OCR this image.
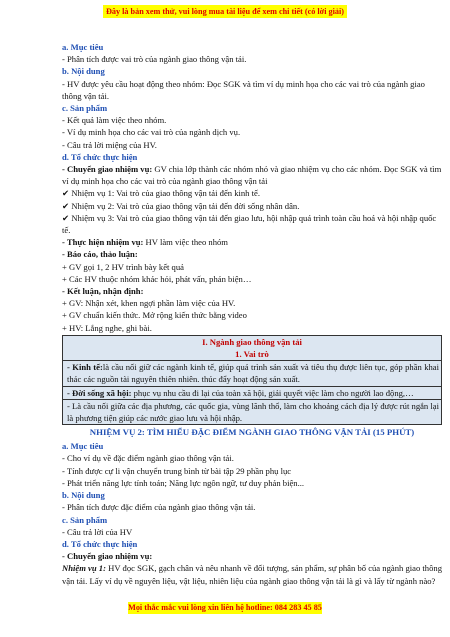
Đây là bản xem thử, vui lòng mua tài liệu để xem chi tiết (có lời giải)
a. Mục tiêu
- Phân tích được vai trò của ngành giao thông vận tải.
b. Nội dung
- HV được yêu cầu hoạt động theo nhóm: Đọc SGK và tìm ví dụ minh họa cho các vai trò của ngành giao thông vận tải.
c. Sản phẩm
- Kết quả làm việc theo nhóm.
- Ví dụ minh họa cho các vai trò của ngành dịch vụ.
- Câu trả lời miệng của HV.
d. Tổ chức thực hiện
- Chuyển giao nhiệm vụ: GV chia lớp thành các nhóm nhỏ và giao nhiệm vụ cho các nhóm. Đọc SGK và tìm ví dụ minh họa cho các vai trò của ngành giao thông vận tải
✔ Nhiệm vụ 1: Vai trò của giao thông vận tải đến kinh tế.
✔ Nhiệm vụ 2: Vai trò của giao thông vận tải đến đời sống nhân dân.
✔ Nhiệm vụ 3: Vai trò của giao thông vận tải đến giao lưu, hội nhập quá trình toàn cầu hoá và hội nhập quốc tế.
- Thực hiện nhiệm vụ: HV làm việc theo nhóm
- Báo cáo, thảo luận:
+ GV gọi 1, 2 HV trình bày kết quả
+ Các HV thuộc nhóm khác hỏi, phát vấn, phản biện…
- Kết luận, nhận định:
+ GV: Nhận xét, khen ngợi phần làm việc của HV.
+ GV chuẩn kiến thức. Mở rộng kiến thức bằng video
+ HV: Lắng nghe, ghi bài.
I. Ngành giao thông vận tải
1. Vai trò
- Kinh tế:là cầu nối giữ các ngành kinh tế, giúp quá trình sản xuất và tiêu thụ được liên tục, góp phần khai thác các nguồn tài nguyên thiên nhiên. thúc đẩy hoạt động sản xuất.
- Đời sống xã hội: phục vụ nhu cầu đi lại của toàn xã hội, giải quyết việc làm cho người lao động,…
- Là cầu nối giữa các địa phương, các quốc gia, vùng lãnh thổ, làm cho khoảng cách địa lý được rút ngắn lại là phương tiện giúp các nước giao lưu và hội nhập.
NHIỆM VỤ 2: TÌM HIỂU ĐẶC ĐIỂM NGÀNH GIAO THÔNG VẬN TẢI (15 PHÚT)
a. Mục tiêu
- Cho ví dụ về đặc điểm ngành giao thông vận tải.
- Tính được cự li vận chuyển trung bình từ bài tập 29 phần phụ lục
- Phát triển năng lực tính toán; Năng lực ngôn ngữ, tư duy phản biện...
b. Nội dung
- Phân tích được đặc điểm của ngành giao thông vận tải.
c. Sản phẩm
- Câu trả lời của HV
d. Tổ chức thực hiện
- Chuyển giao nhiệm vụ:
Nhiệm vụ 1: HV đọc SGK, gạch chân và nêu nhanh về đối tượng, sản phẩm, sự phân bố của ngành giao thông vận tải. Lấy ví dụ về nguyên liệu, vật liệu, nhiên liệu của ngành giao thông vận tải là gì và lấy từ ngành nào?
Mọi thắc mắc vui lòng xin liên hệ hotline: 084 283 45 85
